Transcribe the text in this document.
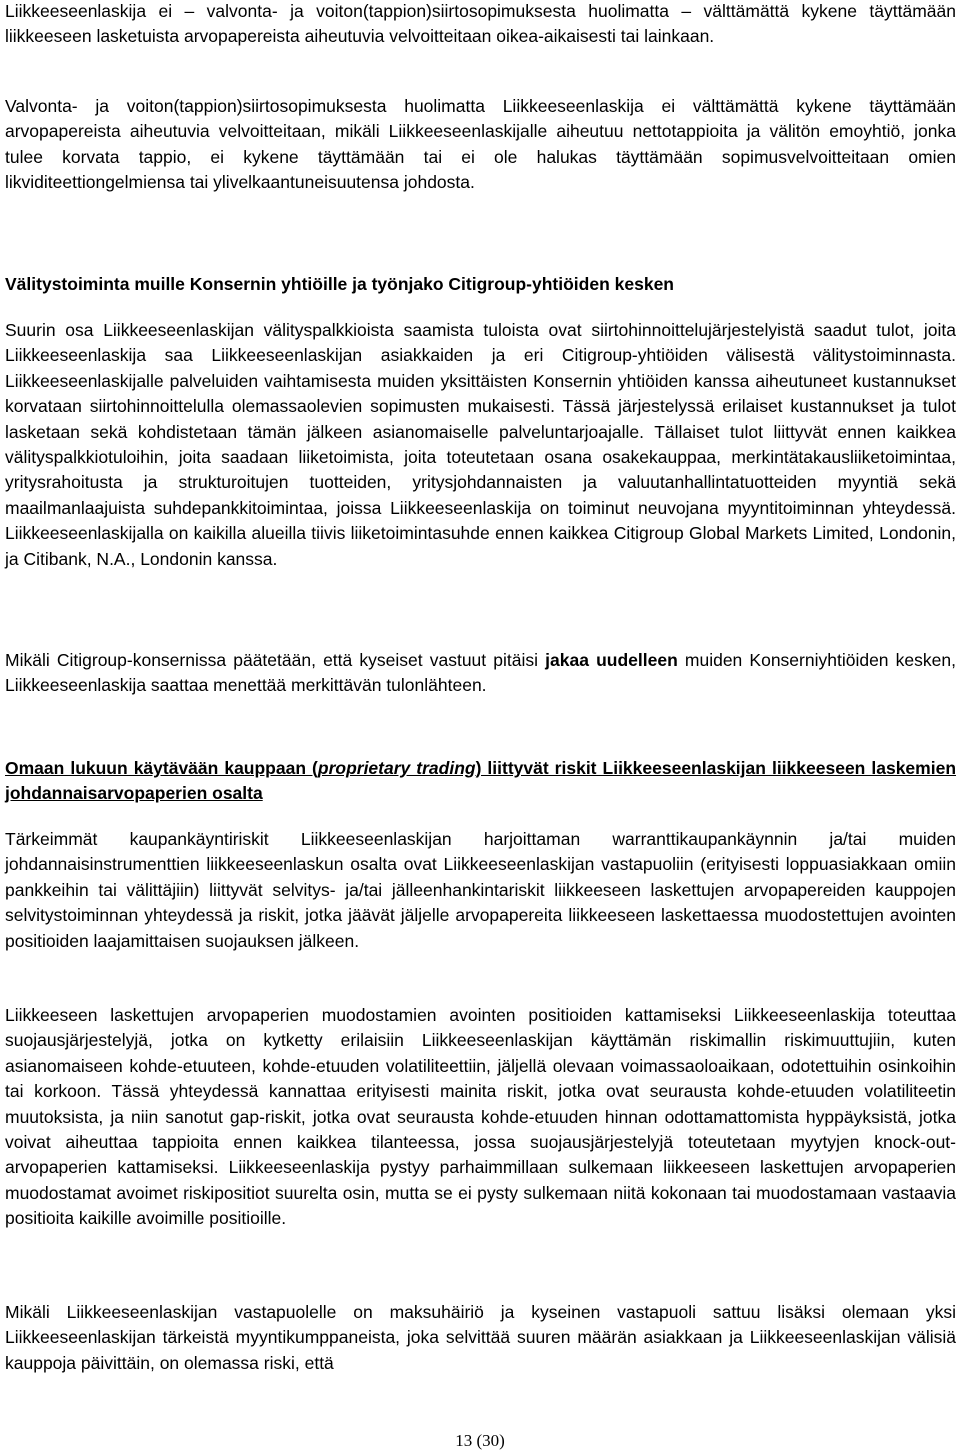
Liikkeeseenlaskija ei – valvonta- ja voiton(tappion)siirtosopimuksesta huolimatta – välttämättä kykene täyttämään liikkeeseen lasketuista arvopapereista aiheutuvia velvoitteitaan oikea-aikaisesti tai lainkaan.

Valvonta- ja voiton(tappion)siirtosopimuksesta huolimatta Liikkeeseenlaskija ei välttämättä kykene täyttämään arvopapereista aiheutuvia velvoitteitaan, mikäli Liikkeeseenlaskijalle aiheutuu nettotappioita ja välitön emoyhtiö, jonka tulee korvata tappio, ei kykene täyttämään tai ei ole halukas täyttämään sopimusvelvoitteitaan omien likviditeettiongelmiensa tai ylivelkaantuneisuutensa johdosta.

Välitystoiminta muille Konsernin yhtiöille ja työnjako Citigroup-yhtiöiden kesken

Suurin osa Liikkeeseenlaskijan välityspalkkioista saamista tuloista ovat siirtohinnoittelujärjestelyistä saadut tulot, joita Liikkeeseenlaskija saa Liikkeeseenlaskijan asiakkaiden ja eri Citigroup-yhtiöiden välisestä välitystoiminnasta. Liikkeeseenlaskijalle palveluiden vaihtamisesta muiden yksittäisten Konsernin yhtiöiden kanssa aiheutuneet kustannukset korvataan siirtohinnoittelulla olemassaolevien sopimusten mukaisesti. Tässä järjestelyssä erilaiset kustannukset ja tulot lasketaan sekä kohdistetaan tämän jälkeen asianomaiselle palveluntarjoajalle. Tällaiset tulot liittyvät ennen kaikkea välityspalkkiotuloihin, joita saadaan liiketoimista, joita toteutetaan osana osakekauppaa, merkintätakausliiketoimintaa, yritysrahoitusta ja strukturoitujen tuotteiden, yritysjohdannaisten ja valuutanhallintatuotteiden myyntiä sekä maailmanlaajuista suhdepankkitoimintaa, joissa Liikkeeseenlaskija on toiminut neuvojana myyntitoiminnan yhteydessä. Liikkeeseenlaskijalla on kaikilla alueilla tiivis liiketoimintasuhde ennen kaikkea Citigroup Global Markets Limited, Londonin, ja Citibank, N.A., Londonin kanssa.

Mikäli Citigroup-konsernissa päätetään, että kyseiset vastuut pitäisi jakaa uudelleen muiden Konserniyhtiöiden kesken, Liikkeeseenlaskija saattaa menettää merkittävän tulonlähteen.

Omaan lukuun käytävään kauppaan (proprietary trading) liittyvät riskit Liikkeeseenlaskijan liikkeeseen laskemien johdannaisarvopaperien osalta

Tärkeimmät kaupankäyntiriskit Liikkeeseenlaskijan harjoittaman warranttikaupankäynnin ja/tai muiden johdannaisinstrumenttien liikkeeseenlaskun osalta ovat Liikkeeseenlaskijan vastapuoliin (erityisesti loppuasiakkaan omiin pankkeihin tai välittäjiin) liittyvät selvitys- ja/tai jälleenhankintariskit liikkeeseen laskettujen arvopapereiden kauppojen selvitystoiminnan yhteydessä ja riskit, jotka jäävät jäljelle arvopapereita liikkeeseen laskettaessa muodostettujen avointen positioiden laajamittaisen suojauksen jälkeen.

Liikkeeseen laskettujen arvopaperien muodostamien avointen positioiden kattamiseksi Liikkeeseenlaskija toteuttaa suojausjärjestelyjä, jotka on kytketty erilaisiin Liikkeeseenlaskijan käyttämän riskimallin riskimuuttujiin, kuten asianomaiseen kohde-etuuteen, kohde-etuuden volatiliteettiin, jäljellä olevaan voimassaoloaikaan, odotettuihin osinkoihin tai korkoon. Tässä yhteydessä kannattaa erityisesti mainita riskit, jotka ovat seurausta kohde-etuuden volatiliteetin muutoksista, ja niin sanotut gap-riskit, jotka ovat seurausta kohde-etuuden hinnan odottamattomista hyppäyksistä, jotka voivat aiheuttaa tappioita ennen kaikkea tilanteessa, jossa suojausjärjestelyjä toteutetaan myytyjen knock-out-arvopaperien kattamiseksi. Liikkeeseenlaskija pystyy parhaimmillaan sulkemaan liikkeeseen laskettujen arvopaperien muodostamat avoimet riskipositiot suurelta osin, mutta se ei pysty sulkemaan niitä kokonaan tai muodostamaan vastaavia positioita kaikille avoimille positioille.

Mikäli Liikkeeseenlaskijan vastapuolelle on maksuhäiriö ja kyseinen vastapuoli sattuu lisäksi olemaan yksi Liikkeeseenlaskijan tärkeistä myyntikumppaneista, joka selvittää suuren määrän asiakkaan ja Liikkeeseenlaskijan välisiä kauppoja päivittäin, on olemassa riski, että

13 (30)
